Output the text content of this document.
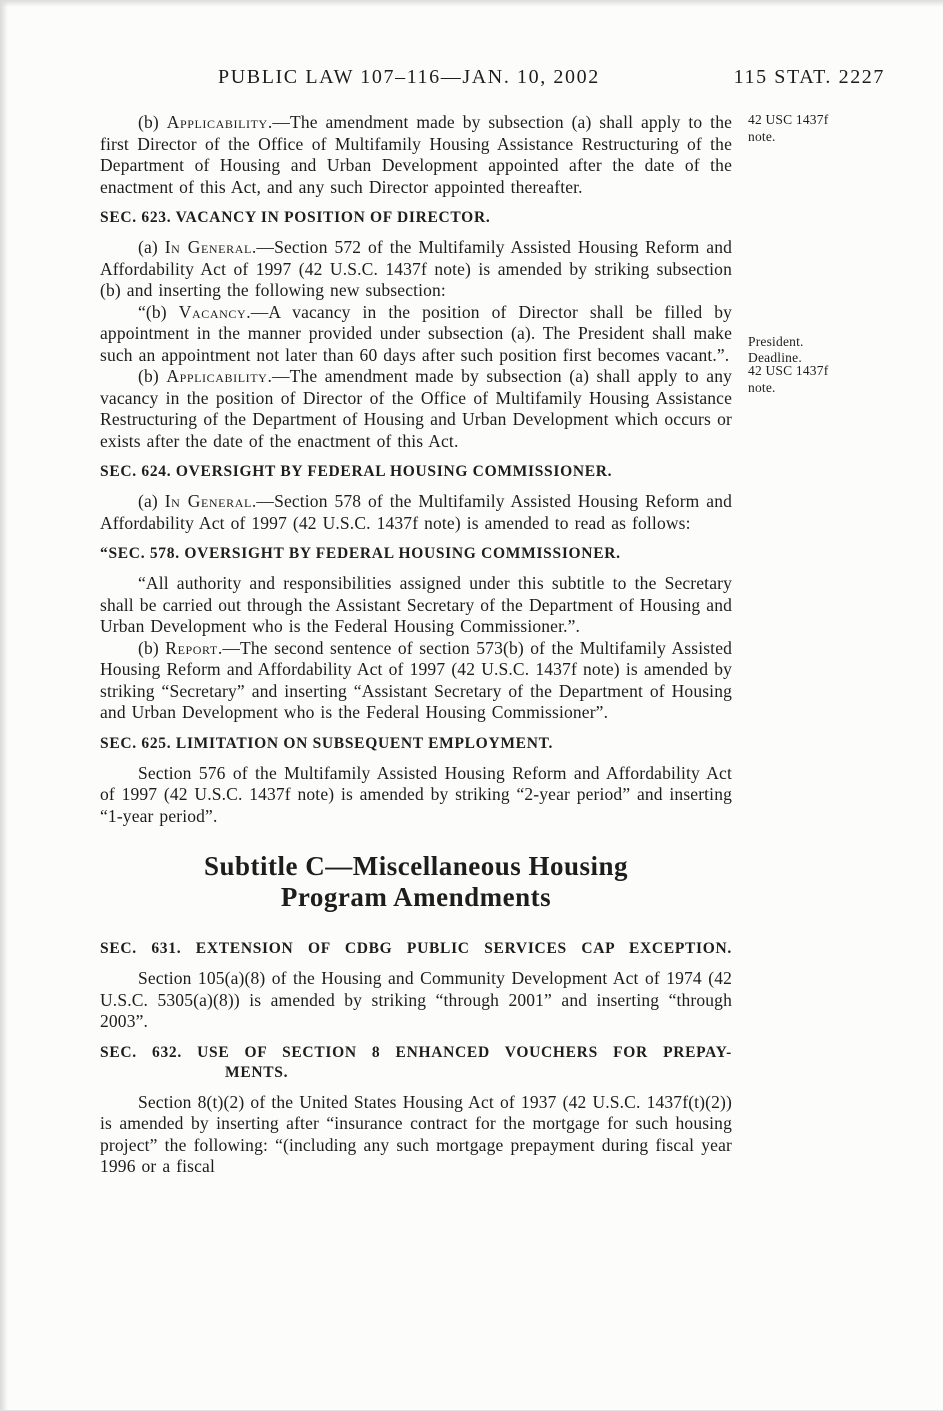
PUBLIC LAW 107–116—JAN. 10, 2002	115 STAT. 2227
42 USC 1437f
note.
(b) Applicability.—The amendment made by subsection (a) shall apply to the first Director of the Office of Multifamily Housing Assistance Restructuring of the Department of Housing and Urban Development appointed after the date of the enactment of this Act, and any such Director appointed thereafter.
SEC. 623. VACANCY IN POSITION OF DIRECTOR.
(a) In General.—Section 572 of the Multifamily Assisted Housing Reform and Affordability Act of 1997 (42 U.S.C. 1437f note) is amended by striking subsection (b) and inserting the following new subsection:
President.
Deadline.
“(b) Vacancy.—A vacancy in the position of Director shall be filled by appointment in the manner provided under subsection (a). The President shall make such an appointment not later than 60 days after such position first becomes vacant.”.
42 USC 1437f
note.
(b) Applicability.—The amendment made by subsection (a) shall apply to any vacancy in the position of Director of the Office of Multifamily Housing Assistance Restructuring of the Department of Housing and Urban Development which occurs or exists after the date of the enactment of this Act.
SEC. 624. OVERSIGHT BY FEDERAL HOUSING COMMISSIONER.
(a) In General.—Section 578 of the Multifamily Assisted Housing Reform and Affordability Act of 1997 (42 U.S.C. 1437f note) is amended to read as follows:
“SEC. 578. OVERSIGHT BY FEDERAL HOUSING COMMISSIONER.
“All authority and responsibilities assigned under this subtitle to the Secretary shall be carried out through the Assistant Secretary of the Department of Housing and Urban Development who is the Federal Housing Commissioner.”.
(b) Report.—The second sentence of section 573(b) of the Multifamily Assisted Housing Reform and Affordability Act of 1997 (42 U.S.C. 1437f note) is amended by striking “Secretary” and inserting “Assistant Secretary of the Department of Housing and Urban Development who is the Federal Housing Commissioner”.
SEC. 625. LIMITATION ON SUBSEQUENT EMPLOYMENT.
Section 576 of the Multifamily Assisted Housing Reform and Affordability Act of 1997 (42 U.S.C. 1437f note) is amended by striking “2-year period” and inserting “1-year period”.
Subtitle C—Miscellaneous Housing
Program Amendments
SEC. 631. EXTENSION OF CDBG PUBLIC SERVICES CAP EXCEPTION.
Section 105(a)(8) of the Housing and Community Development Act of 1974 (42 U.S.C. 5305(a)(8)) is amended by striking “through 2001” and inserting “through 2003”.
SEC. 632. USE OF SECTION 8 ENHANCED VOUCHERS FOR PREPAY-
MENTS.
Section 8(t)(2) of the United States Housing Act of 1937 (42 U.S.C. 1437f(t)(2)) is amended by inserting after “insurance contract for the mortgage for such housing project” the following: “(including any such mortgage prepayment during fiscal year 1996 or a fiscal
